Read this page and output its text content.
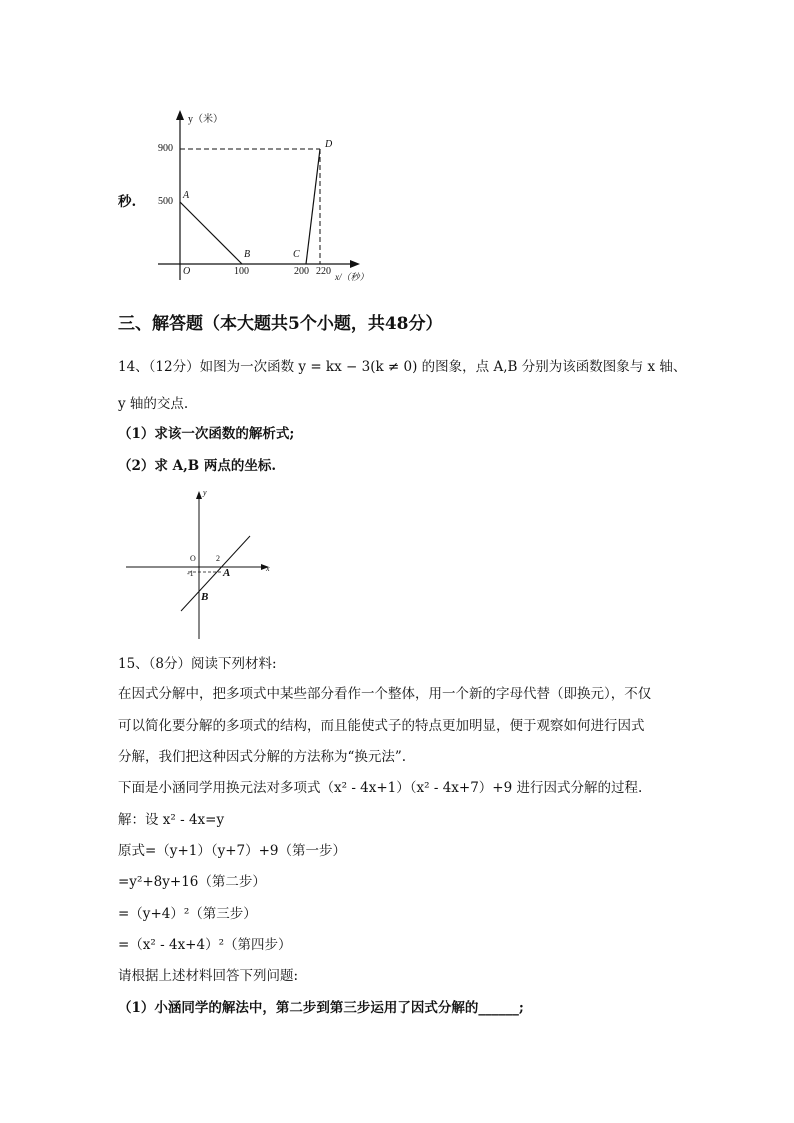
y（米）
900
500
A
D
B	C
O	100	200 220 x/（秒）
秒.
三、解答题（本大题共5个小题，共48分）
14、（12分）如图为一次函数 y = kx − 3(k ≠ 0) 的图象，点 A,B 分别为该函数图象与 x 轴、
y 轴的交点.
（1）求该一次函数的解析式;
（2）求 A,B 两点的坐标.
y
x
O	2
-1	A
B
15、（8分）阅读下列材料:
在因式分解中，把多项式中某些部分看作一个整体，用一个新的字母代替（即换元），不仅
可以简化要分解的多项式的结构，而且能使式子的特点更加明显，便于观察如何进行因式
分解，我们把这种因式分解的方法称为“换元法”.
下面是小涵同学用换元法对多项式（x² - 4x+1）（x² - 4x+7）+9 进行因式分解的过程.
解：设 x² - 4x=y
原式=（y+1）（y+7）+9（第一步）
=y²+8y+16（第二步）
=（y+4）²（第三步）
=（x² - 4x+4）²（第四步）
请根据上述材料回答下列问题:
（1）小涵同学的解法中，第二步到第三步运用了因式分解的______;
